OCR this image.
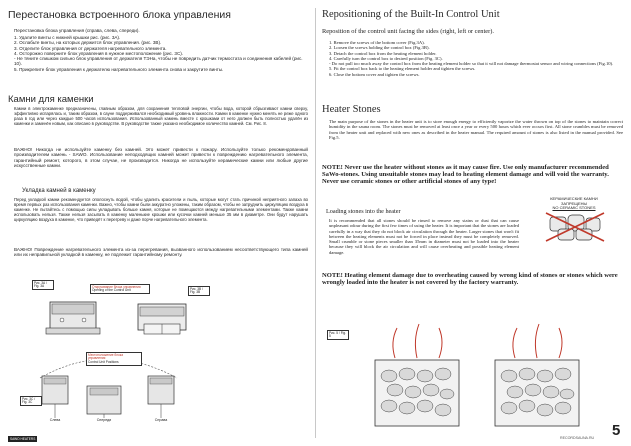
Перестановка встроенного блока управления
Перестановка блока управления (справа, слева, спереди).
1. Удалите винты с нижней крышки рис. (рис. 3А).
2. Ослабьте винты, на которых держится блок управления. (рис. 3В).
3. Отделите блок управления от держателя нагревательного элемента.
4. Осторожно поверните блок управления в нужное местоположение (рис. 3С).
- Не тяните слишком сильно блок управления от держателя ТЭНа, чтобы не повредить датчик термостата и соединения кабелей (рис. 10).
5. Прикрепите блок управления к держателю нагревательного элемента снова и закрутите винты.
Камни для каменки

Камни в электрокаменке предназначены, главным образом, для сохранения тепловой энергии, чтобы вода, которой сбрызгивают камни сверху, эффективно испарялась и, таким образом, в сауне поддерживался необходимый уровень влажности. Камни в каменке нужно менять не реже одного раза в год или через каждые 500 часов использования. Использованный камень вместе с крошками от него должен быть полностью удалён из каменки и заменён новым, как описано в руководстве. В руководстве также указано необходимое количество камней. См. Рис. 8.

ВАЖНО! Никогда не используйте каменку без камней. Это может привести к пожару. Используйте только рекомендованный производителем камень - SAWO. Использование неподходящих камней может привести к повреждению нагревательного элемента, гарантийный ремонт, которого, в этом случае, не производится. Никогда не используйте керамические камни или любые другие искусственные камни.

Укладка камней в каменку

Перед укладкой камни рекомендуется ополоснуть водой, чтобы удалить красители и пыль, которые могут стать причиной неприятного запаха во время первых раз использования каменки. Важно, чтобы камни были аккуратно уложены, таким образом, чтобы не затруднить циркуляцию воздуха в каменке. Не пытайтесь с помощью силы укладывать больше камня, которые не помещаются между нагревательными элементами. Также камни использовать нельзя. Также нельзя засыпать в каменку маленькие крошки или кусочки камней меньше 35 мм в диаметре. Они будут нарушать циркуляцию воздуха в каменке, что приведёт к перегреву и даже порче нагревательного элемента.

ВАЖНО! Повреждение нагревательного элемента из-за перегревания, вызванного использованием несоответствующего типа камней или их неправильной укладкой в каменку, не подлежит гарантийному ремонту.

Откручивание блока управления
Opening of the Control Unit
Местоположение блока управления
Control Unit Positions
Рис. 3А / Fig. 3A
Рис. 3B / Fig. 3B
Рис. 3C / Fig. 3C
Слева	Спереди	Справа
SAWO HEATERS
Repositioning of the Built-In Control Unit
Reposition of the control unit facing the sides (right, left or center).
1. Remove the screws of the bottom cover (Fig.3A).
2. Loosen the screws holding the control box (Fig.3B).
3. Detach the control box from the heating element holder.
4. Carefully turn the control box to desired position (Fig. 3C).
- Do not pull too much away the control box from the heating element holder so that it will not damage thermostat sensor and wiring connections (Fig.10).
5. Fit the control box back to the heating element holder and tighten the screws.
6. Close the bottom cover and tighten the screws.
Heater Stones

The main purpose of the stones in the heater unit is to store enough energy to efficiently vaporize the water thrown on top of the stones to maintain correct humidity in the sauna room. The stones must be removed at least once a year or every 500 hours which ever occurs first. All stone crumbles must be removed from the heater unit and replaced with new ones as described in the heater manual. The required amount of stones is also listed in the manual provided. See Fig.5.

NOTE! Never use the heater without stones as it may cause fire. Use only manufacturer recommended SaWo-stones. Using unsuitable stones may lead to heating element damage and will void the warranty. Never use ceramic stones or other artificial stones of any type!

Loading stones into the heater

It is recommended that all stones should be rinsed to remove any stains or dust that can cause unpleasant odour during the first few times of using the heater. It is important that the stones are loaded carefully in a way that they do not block air circulation through the heater. Larger stones that won't fit between the heating elements must not be forced in place instead they must be completely removed. Small crumble or stone pieces smaller than 35mm in diameter must not be loaded into the heater because they will block the air circulation and will cause overheating and possible heating element damage.

КЕРАМИЧЕСКИЕ КАМНИ
ЗАПРЕЩЕНЫ
NO CERAMIC STONES

NOTE! Heating element damage due to overheating caused by wrong kind of stones or stones which were wrongly loaded into the heater is not covered by the factory warranty.

Рис. 5 / Fig. 5
RECORDSAUNA.RU 5
